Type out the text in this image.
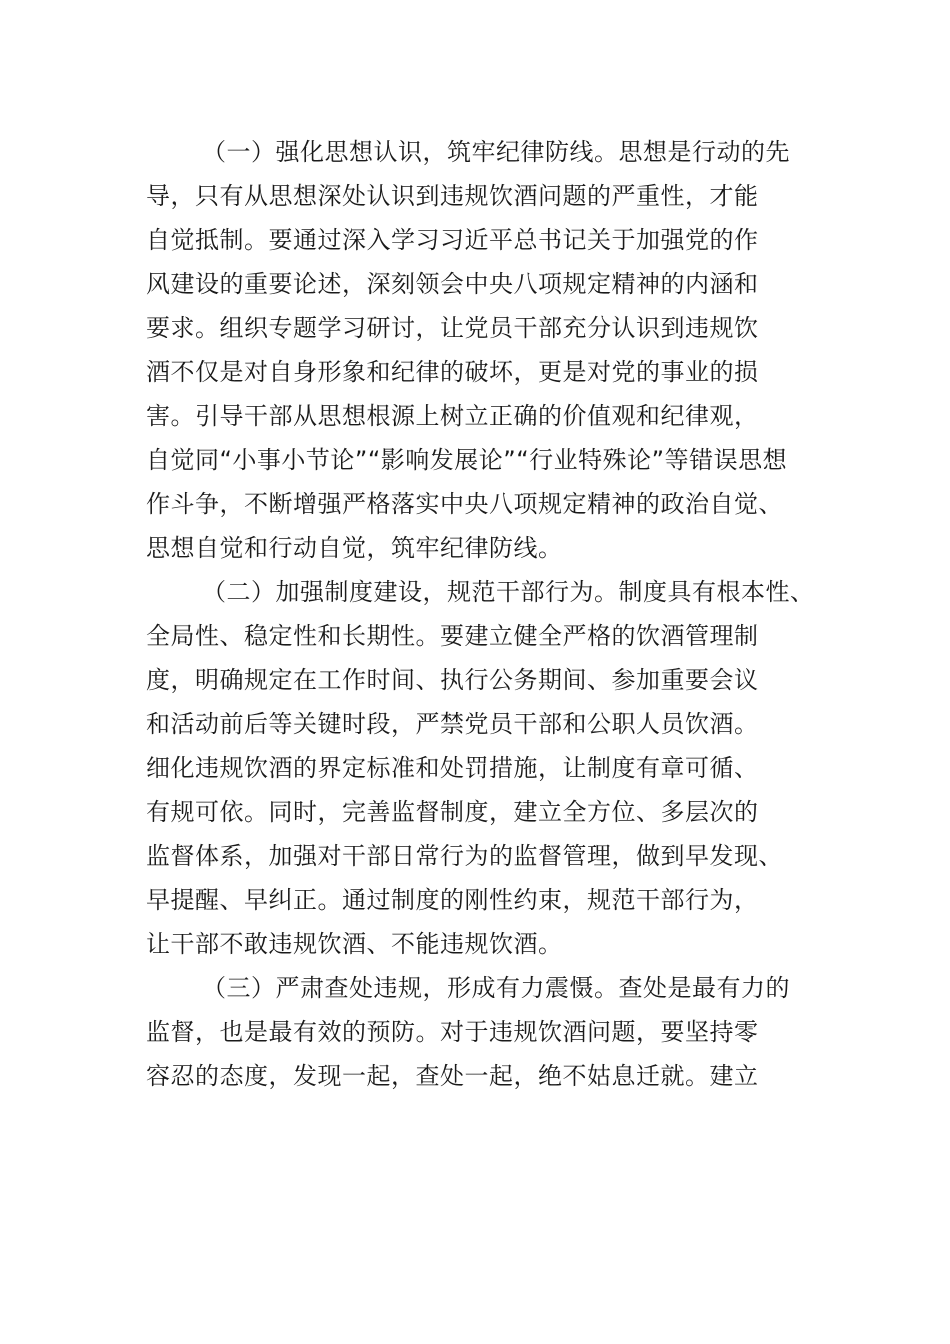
（一）强化思想认识，筑牢纪律防线。思想是行动的先
导，只有从思想深处认识到违规饮酒问题的严重性，才能
自觉抵制。要通过深入学习习近平总书记关于加强党的作
风建设的重要论述，深刻领会中央八项规定精神的内涵和
要求。组织专题学习研讨，让党员干部充分认识到违规饮
酒不仅是对自身形象和纪律的破坏，更是对党的事业的损
害。引导干部从思想根源上树立正确的价值观和纪律观，
自觉同“小事小节论”“影响发展论”“行业特殊论”等错误思想
作斗争，不断增强严格落实中央八项规定精神的政治自觉、
思想自觉和行动自觉，筑牢纪律防线。
（二）加强制度建设，规范干部行为。制度具有根本性、
全局性、稳定性和长期性。要建立健全严格的饮酒管理制
度，明确规定在工作时间、执行公务期间、参加重要会议
和活动前后等关键时段，严禁党员干部和公职人员饮酒。
细化违规饮酒的界定标准和处罚措施，让制度有章可循、
有规可依。同时，完善监督制度，建立全方位、多层次的
监督体系，加强对干部日常行为的监督管理，做到早发现、
早提醒、早纠正。通过制度的刚性约束，规范干部行为，
让干部不敢违规饮酒、不能违规饮酒。
（三）严肃查处违规，形成有力震慑。查处是最有力的
监督，也是最有效的预防。对于违规饮酒问题，要坚持零
容忍的态度，发现一起，查处一起，绝不姑息迁就。建立
